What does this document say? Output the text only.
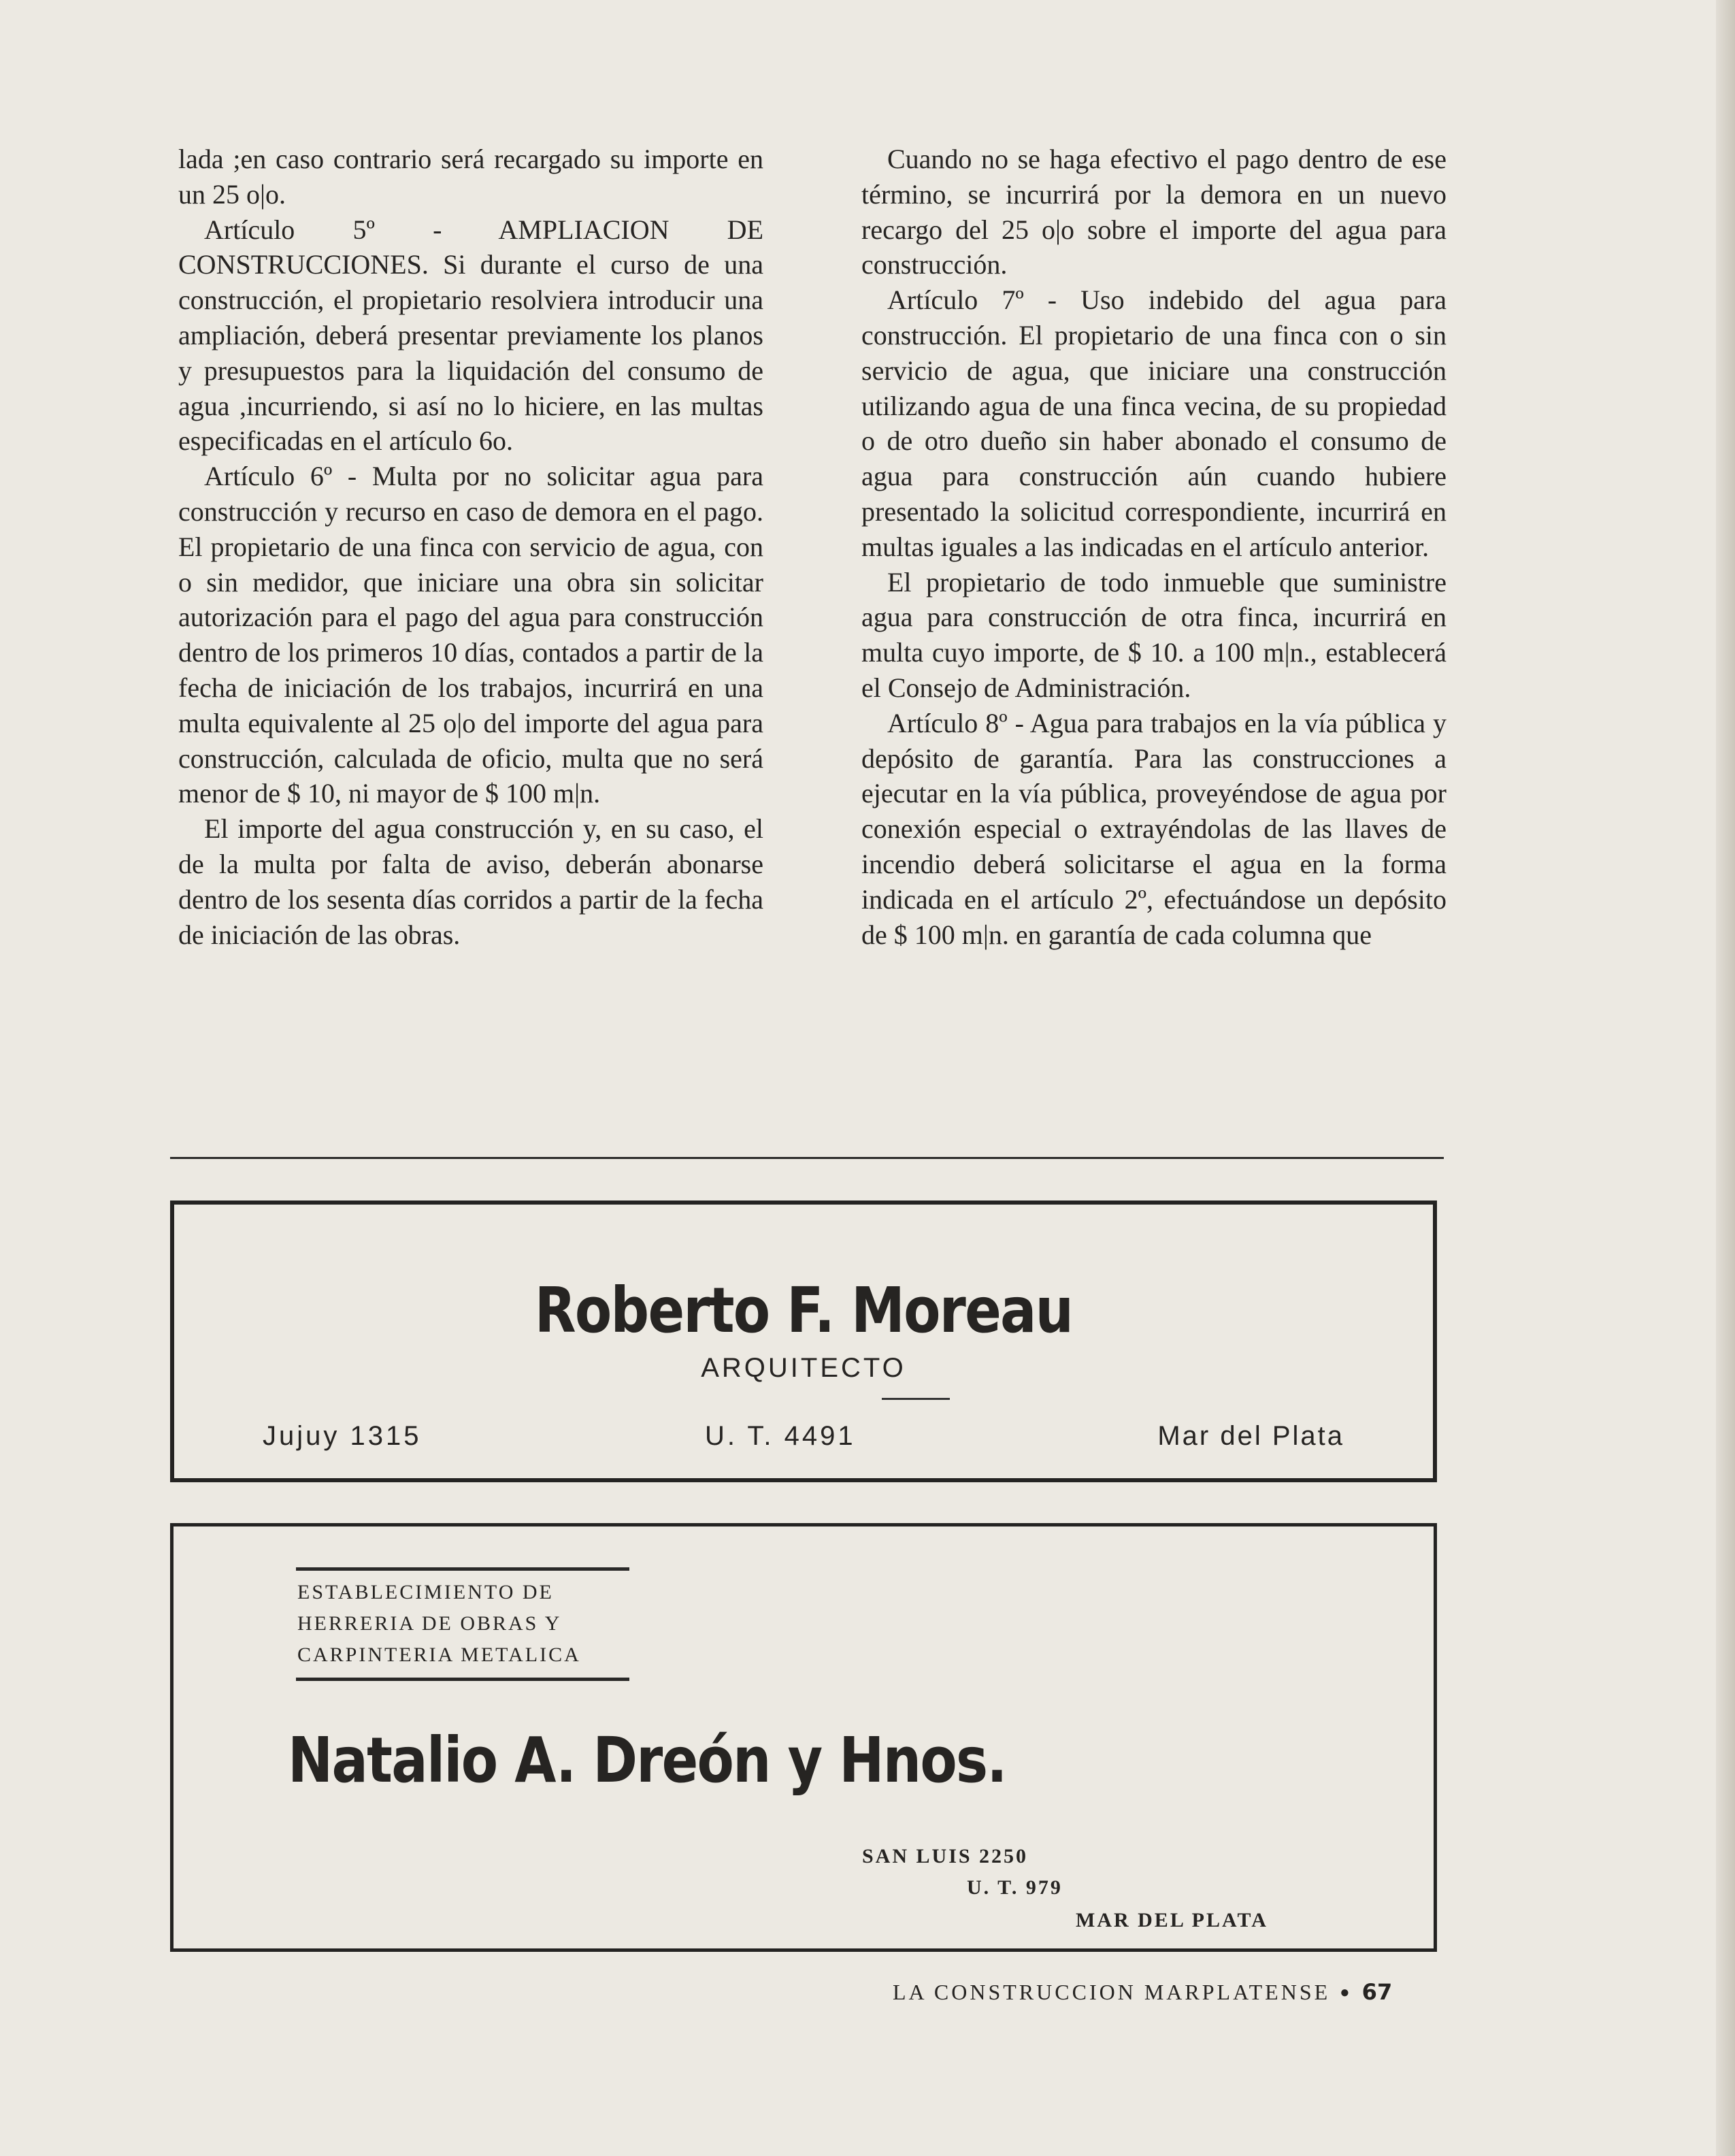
lada ;en caso contrario será recargado su importe en un 25 o|o.

Artículo 5º - AMPLIACION DE CONSTRUCCIONES. Si durante el curso de una construcción, el propietario resolviera introducir una ampliación, deberá presentar previamente los planos y presupuestos para la liquidación del consumo de agua ,incurriendo, si así no lo hiciere, en las multas especificadas en el artículo 6o.

Artículo 6º - Multa por no solicitar agua para construcción y recurso en caso de demora en el pago. El propietario de una finca con servicio de agua, con o sin medidor, que iniciare una obra sin solicitar autorización para el pago del agua para construcción dentro de los primeros 10 días, contados a partir de la fecha de iniciación de los trabajos, incurrirá en una multa equivalente al 25 o|o del importe del agua para construcción, calculada de oficio, multa que no será menor de $ 10, ni mayor de $ 100 m|n.

El importe del agua construcción y, en su caso, el de la multa por falta de aviso, deberán abonarse dentro de los sesenta días corridos a partir de la fecha de iniciación de las obras.

Cuando no se haga efectivo el pago dentro de ese término, se incurrirá por la demora en un nuevo recargo del 25 o|o sobre el importe del agua para construcción.

Artículo 7º - Uso indebido del agua para construcción. El propietario de una finca con o sin servicio de agua, que iniciare una construcción utilizando agua de una finca vecina, de su propiedad o de otro dueño sin haber abonado el consumo de agua para construcción aún cuando hubiere presentado la solicitud correspondiente, incurrirá en multas iguales a las indicadas en el artículo anterior.

El propietario de todo inmueble que suministre agua para construcción de otra finca, incurrirá en multa cuyo importe, de $ 10. a 100 m|n., establecerá el Consejo de Administración.

Artículo 8º - Agua para trabajos en la vía pública y depósito de garantía. Para las construcciones a ejecutar en la vía pública, proveyéndose de agua por conexión especial o extrayéndolas de las llaves de incendio deberá solicitarse el agua en la forma indicada en el artículo 2º, efectuándose un depósito de $ 100 m|n. en garantía de cada columna que

Roberto F. Moreau
ARQUITECTO
Jujuy 1315	U. T. 4491	Mar del Plata
ESTABLECIMIENTO DE
HERRERIA DE OBRAS Y
CARPINTERIA METALICA
Natalio A. Dreón y Hnos.
SAN LUIS 2250
U. T. 979
MAR DEL PLATA
LA CONSTRUCCION MARPLATENSE ● 67
